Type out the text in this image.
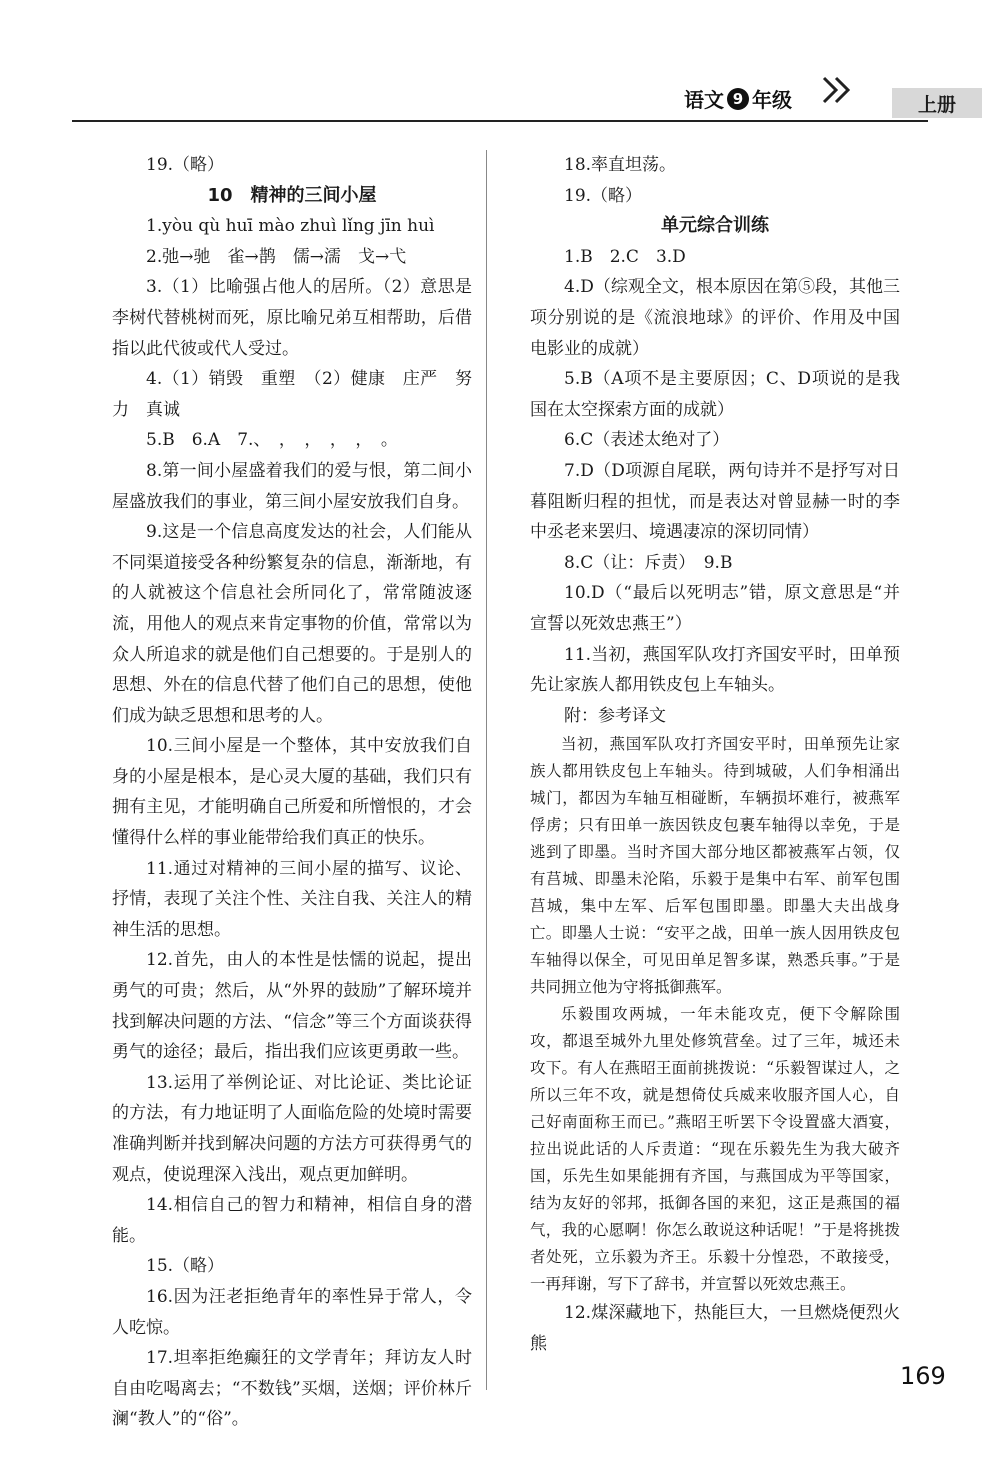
语文 9 年级	上册

19.（略）

10　精神的三间小屋

1.yòu qù huī mào zhuì lǐng jīn huì

2.弛→驰　雀→鹊　儒→濡　戈→弋

3.（1）比喻强占他人的居所。（2）意思是李树代替桃树而死，原比喻兄弟互相帮助，后借指以此代彼或代人受过。

4.（1）销毁　重塑　（2）健康　庄严　努力　真诚

5.B　6.A　7.、　，　，　，　，　。

8.第一间小屋盛着我们的爱与恨，第二间小屋盛放我们的事业，第三间小屋安放我们自身。

9.这是一个信息高度发达的社会，人们能从不同渠道接受各种纷繁复杂的信息，渐渐地，有的人就被这个信息社会所同化了，常常随波逐流，用他人的观点来肯定事物的价值，常常以为众人所追求的就是他们自己想要的。于是别人的思想、外在的信息代替了他们自己的思想，使他们成为缺乏思想和思考的人。

10.三间小屋是一个整体，其中安放我们自身的小屋是根本，是心灵大厦的基础，我们只有拥有主见，才能明确自己所爱和所憎恨的，才会懂得什么样的事业能带给我们真正的快乐。

11.通过对精神的三间小屋的描写、议论、抒情，表现了关注个性、关注自我、关注人的精神生活的思想。

12.首先，由人的本性是怯懦的说起，提出勇气的可贵；然后，从“外界的鼓励”了解环境并找到解决问题的方法、“信念”等三个方面谈获得勇气的途径；最后，指出我们应该更勇敢一些。

13.运用了举例论证、对比论证、类比论证的方法，有力地证明了人面临危险的处境时需要准确判断并找到解决问题的方法方可获得勇气的观点，使说理深入浅出，观点更加鲜明。

14.相信自己的智力和精神，相信自身的潜能。

15.（略）

16.因为汪老拒绝青年的率性异于常人，令人吃惊。

17.坦率拒绝癫狂的文学青年；拜访友人时自由吃喝离去；“不数钱”买烟，送烟；评价林斤澜“教人”的“俗”。

18.率直坦荡。

19.（略）

单元综合训练

1.B　2.C　3.D

4.D（综观全文，根本原因在第⑤段，其他三项分别说的是《流浪地球》的评价、作用及中国电影业的成就）

5.B（A项不是主要原因；C、D项说的是我国在太空探索方面的成就）

6.C（表述太绝对了）

7.D（D项源自尾联，两句诗并不是抒写对日暮阻断归程的担忧，而是表达对曾显赫一时的李中丞老来罢归、境遇凄凉的深切同情）

8.C（让：斥责）　9.B

10.D（“最后以死明志”错，原文意思是“并宣誓以死效忠燕王”）

11.当初，燕国军队攻打齐国安平时，田单预先让家族人都用铁皮包上车轴头。

附：参考译文

当初，燕国军队攻打齐国安平时，田单预先让家族人都用铁皮包上车轴头。待到城破，人们争相涌出城门，都因为车轴互相碰断，车辆损坏难行，被燕军俘虏；只有田单一族因铁皮包裹车轴得以幸免，于是逃到了即墨。当时齐国大部分地区都被燕军占领，仅有莒城、即墨未沦陷，乐毅于是集中右军、前军包围莒城，集中左军、后军包围即墨。即墨大夫出战身亡。即墨人士说：“安平之战，田单一族人因用铁皮包车轴得以保全，可见田单足智多谋，熟悉兵事。”于是共同拥立他为守将抵御燕军。

乐毅围攻两城，一年未能攻克，便下令解除围攻，都退至城外九里处修筑营垒。过了三年，城还未攻下。有人在燕昭王面前挑拨说：“乐毅智谋过人，之所以三年不攻，就是想倚仗兵威来收服齐国人心，自己好南面称王而已。”燕昭王听罢下令设置盛大酒宴，拉出说此话的人斥责道：“现在乐毅先生为我大破齐国，乐先生如果能拥有齐国，与燕国成为平等国家，结为友好的邻邦，抵御各国的来犯，这正是燕国的福气，我的心愿啊！你怎么敢说这种话呢！”于是将挑拨者处死，立乐毅为齐王。乐毅十分惶恐，不敢接受，一再拜谢，写下了辞书，并宣誓以死效忠燕王。

12.煤深藏地下，热能巨大，一旦燃烧便烈火熊

169
